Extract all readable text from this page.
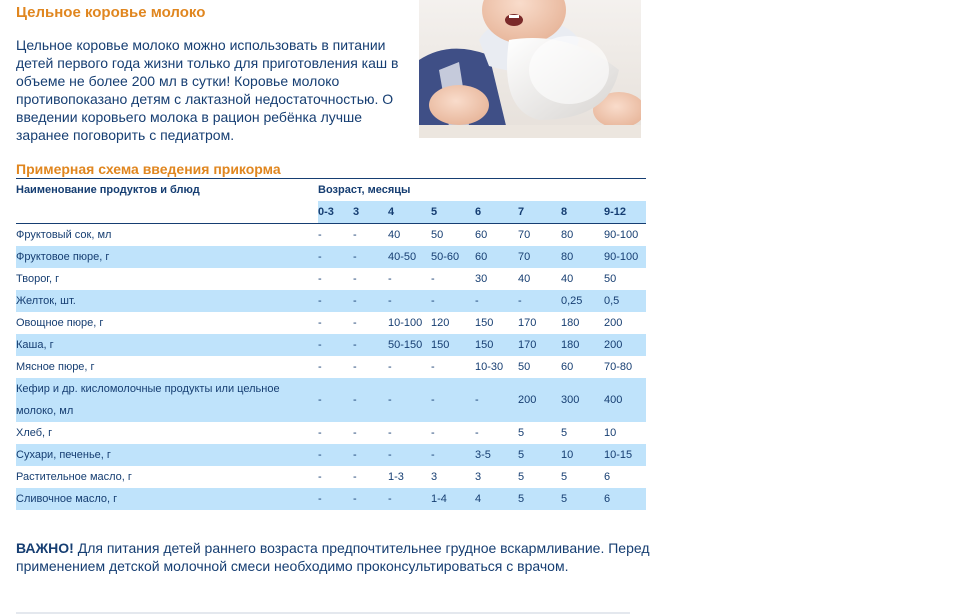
Цельное коровье молоко

Цельное коровье молоко можно использовать в питании детей первого года жизни только для приготовления каш в объеме не более 200 мл в сутки! Коровье молоко противопоказано детям с лактазной недостаточностью. О введении коровьего молока в рацион ребёнка лучше заранее поговорить с педиатром.

Примерная схема введения прикорма
Наименование продуктов и блюд	Возраст, месяцы							
	0-3	3	4	5	6	7	8	9-12
Фруктовый сок, мл	-	-	40	50	60	70	80	90-100
Фруктовое пюре, г	-	-	40-50	50-60	60	70	80	90-100
Творог, г	-	-	-	-	30	40	40	50
Желток, шт.	-	-	-	-	-	-	0,25	0,5
Овощное пюре, г	-	-	10-100	120	150	170	180	200
Каша, г	-	-	50-150	150	150	170	180	200
Мясное пюре, г	-	-	-	-	10-30	50	60	70-80
Кефир и др. кисломолочные продукты или цельное молоко, мл	-	-	-	-	-	200	300	400
Хлеб, г	-	-	-	-	-	5	5	10
Сухари, печенье, г	-	-	-	-	3-5	5	10	10-15
Растительное масло, г	-	-	1-3	3	3	5	5	6
Сливочное масло, г	-	-	-	1-4	4	5	5	6

ВАЖНО! Для питания детей раннего возраста предпочтительнее грудное вскармливание. Перед применением детской молочной смеси необходимо проконсультироваться с врачом.
